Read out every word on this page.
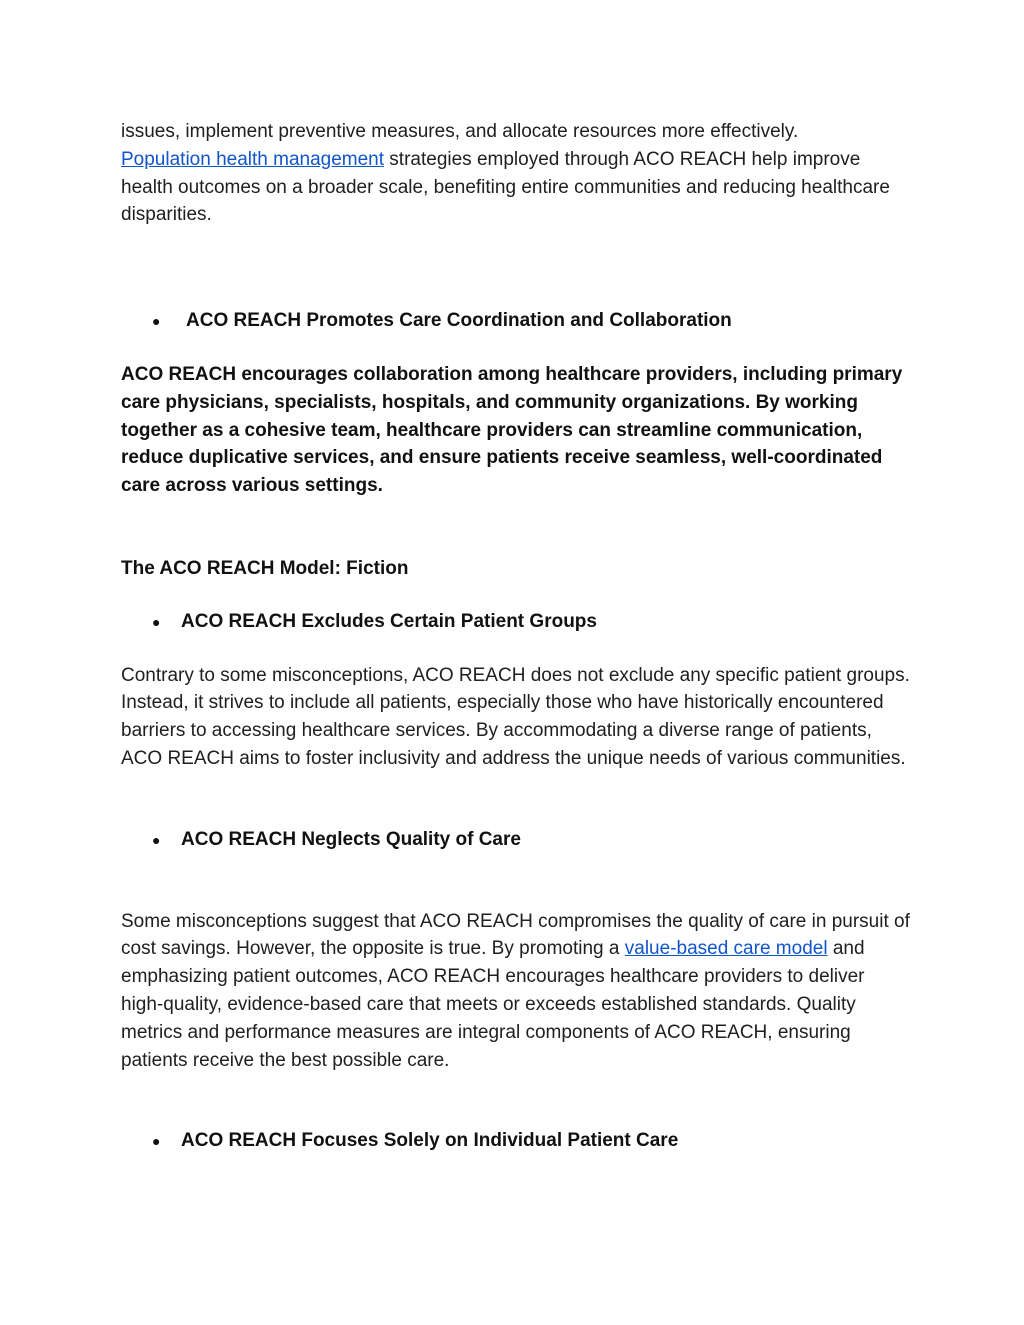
issues, implement preventive measures, and allocate resources more effectively.
Population health management strategies employed through ACO REACH help improve health outcomes on a broader scale, benefiting entire communities and reducing healthcare disparities.

●	ACO REACH Promotes Care Coordination and Collaboration

ACO REACH encourages collaboration among healthcare providers, including primary care physicians, specialists, hospitals, and community organizations. By working together as a cohesive team, healthcare providers can streamline communication, reduce duplicative services, and ensure patients receive seamless, well-coordinated care across various settings.

The ACO REACH Model: Fiction

●	ACO REACH Excludes Certain Patient Groups

Contrary to some misconceptions, ACO REACH does not exclude any specific patient groups. Instead, it strives to include all patients, especially those who have historically encountered barriers to accessing healthcare services. By accommodating a diverse range of patients, ACO REACH aims to foster inclusivity and address the unique needs of various communities.

●	ACO REACH Neglects Quality of Care

Some misconceptions suggest that ACO REACH compromises the quality of care in pursuit of cost savings. However, the opposite is true. By promoting a value-based care model and emphasizing patient outcomes, ACO REACH encourages healthcare providers to deliver high-quality, evidence-based care that meets or exceeds established standards. Quality metrics and performance measures are integral components of ACO REACH, ensuring patients receive the best possible care.

●	ACO REACH Focuses Solely on Individual Patient Care
